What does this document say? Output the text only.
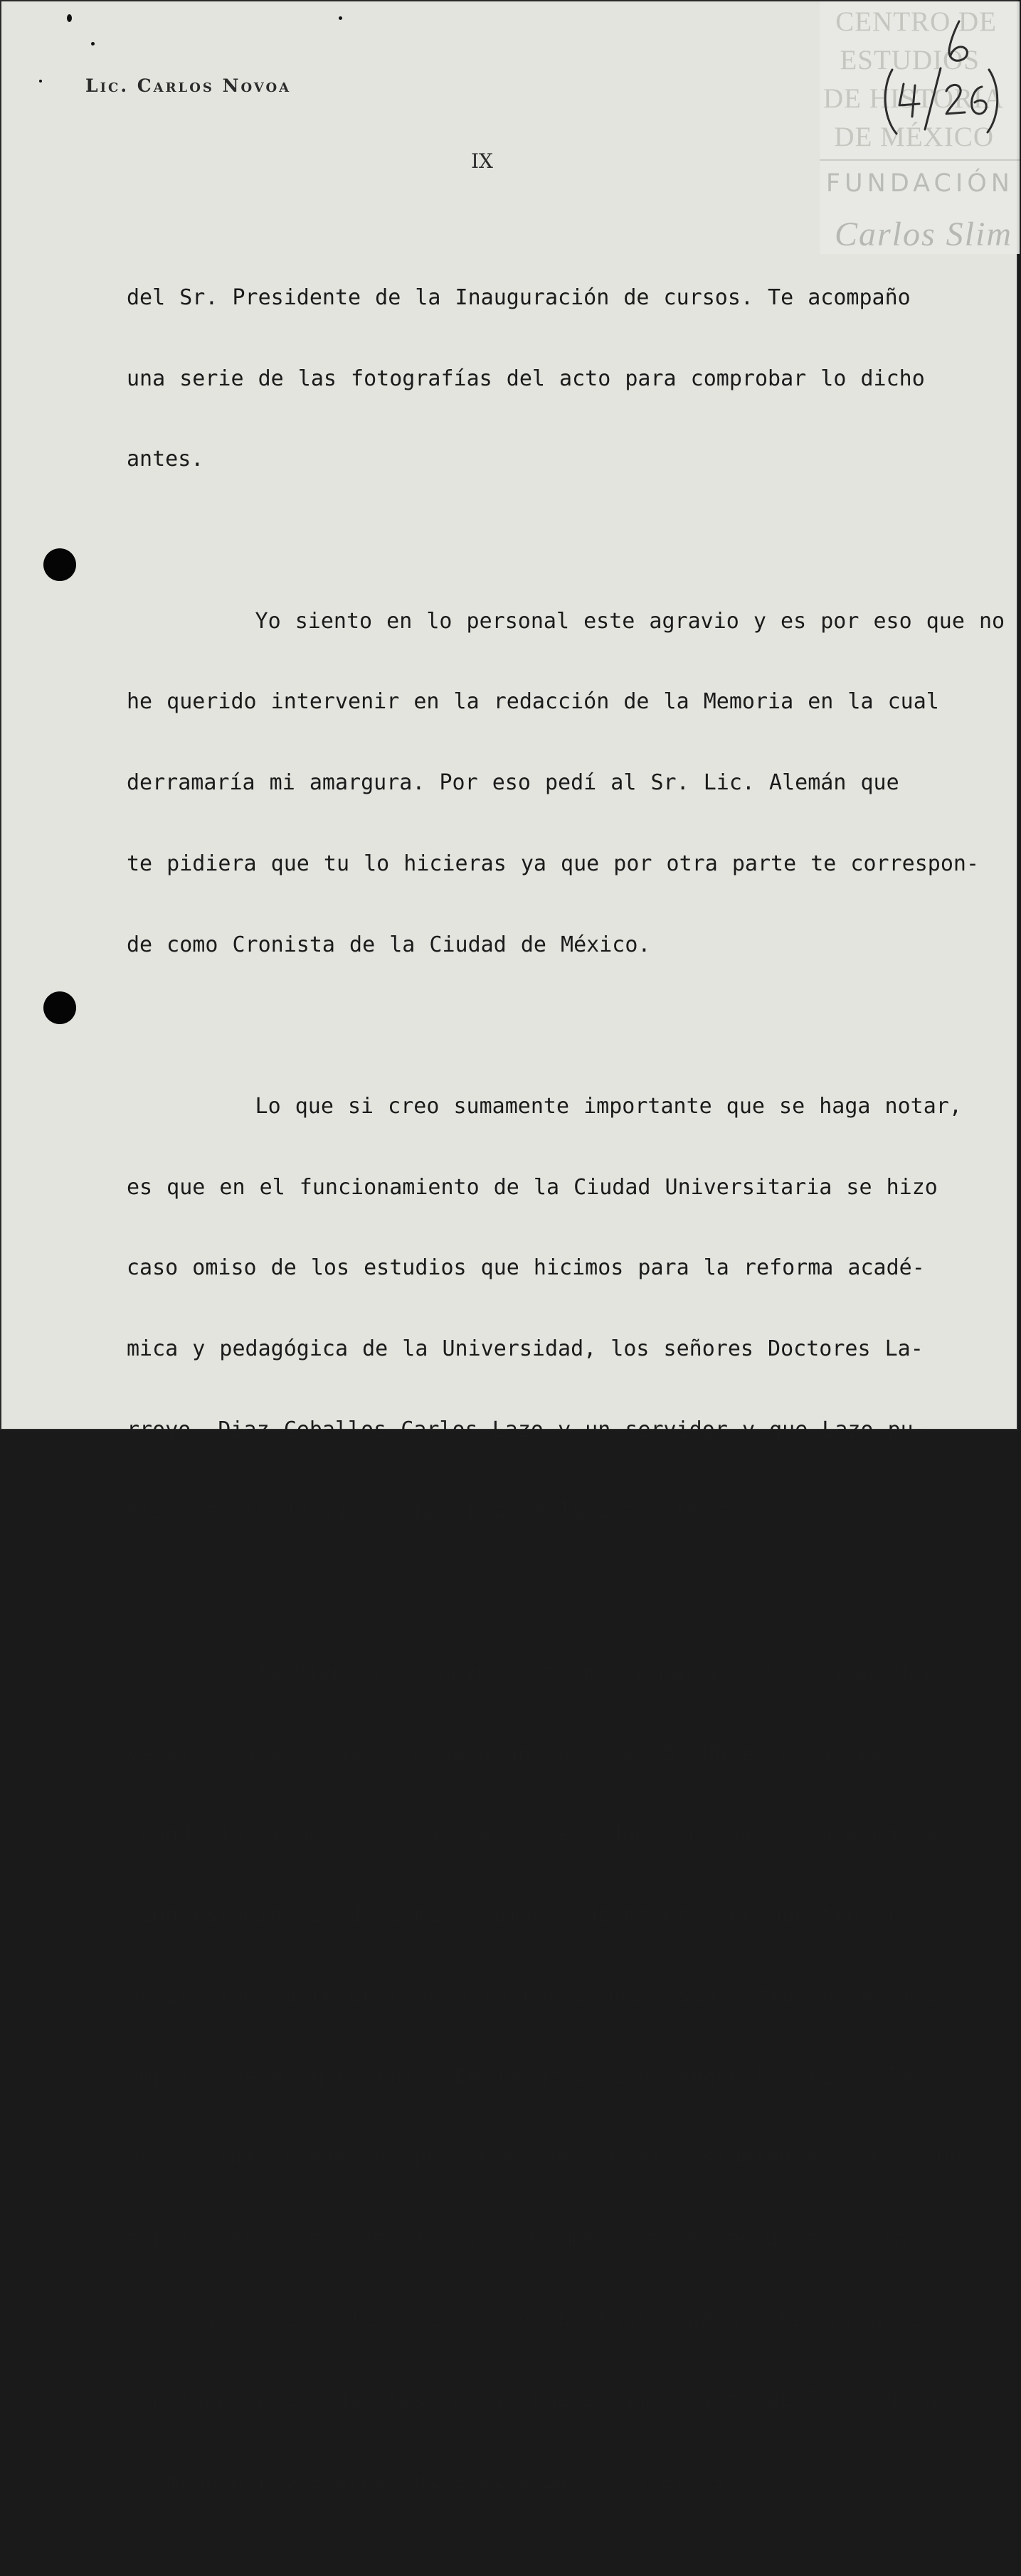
Lic. Carlos Novoa
IX
CENTRO DE
ESTUDIOS
DE HISTORIA
DE MÉXICO
FUNDACIÓN
Carlos Slim

del Sr. Presidente de la Inauguración de cursos. Te acompaño

una serie de las fotografías del acto para comprobar lo dicho

antes.

Yo siento en lo personal este agravio y es por eso que no

he querido intervenir en la redacción de la Memoria en la cual

derramaría mi amargura. Por eso pedí al Sr. Lic. Alemán que

te pidiera que tu lo hicieras ya que por otra parte te correspon-

de como Cronista de la Ciudad de México.

Lo que si creo sumamente importante que se haga notar,

es que en el funcionamiento de la Ciudad Universitaria se hizo

caso omiso de los estudios que hicimos para la reforma acadé-

mica y pedagógica de la Universidad, los señores Doctores La-

rroyo, Diaz Ceballos Carlos Lazo y un servidor y que Lazo pu-

blicó en un librito como obra exclusivamente suya.

También creo conveniente mencionar que la Ciudad Uni-

versitaria se construyó para un cupo de 25,000 estudiantes.

Cuando iniciamos la obra, la Universidad contaba con una pobla-

ción estudiantil de 8 mil alumnos, de manera que nuestro pro-

pósito fué darle un cupo a la nueva Universidad tres veces mas

amplio que el que tenía. En la actualidad según he leído, la

Universidad tiene una población de 110 mil estudiantes, cosa que

explica suficientemente los problemas que ha venido enfrentando

pues ni los establecimientos son bastantes para albergar a esa

cantidad de estudiantes, ni se pueden improvisar de la noche a

la mañana profesores universitarios para ellos.
